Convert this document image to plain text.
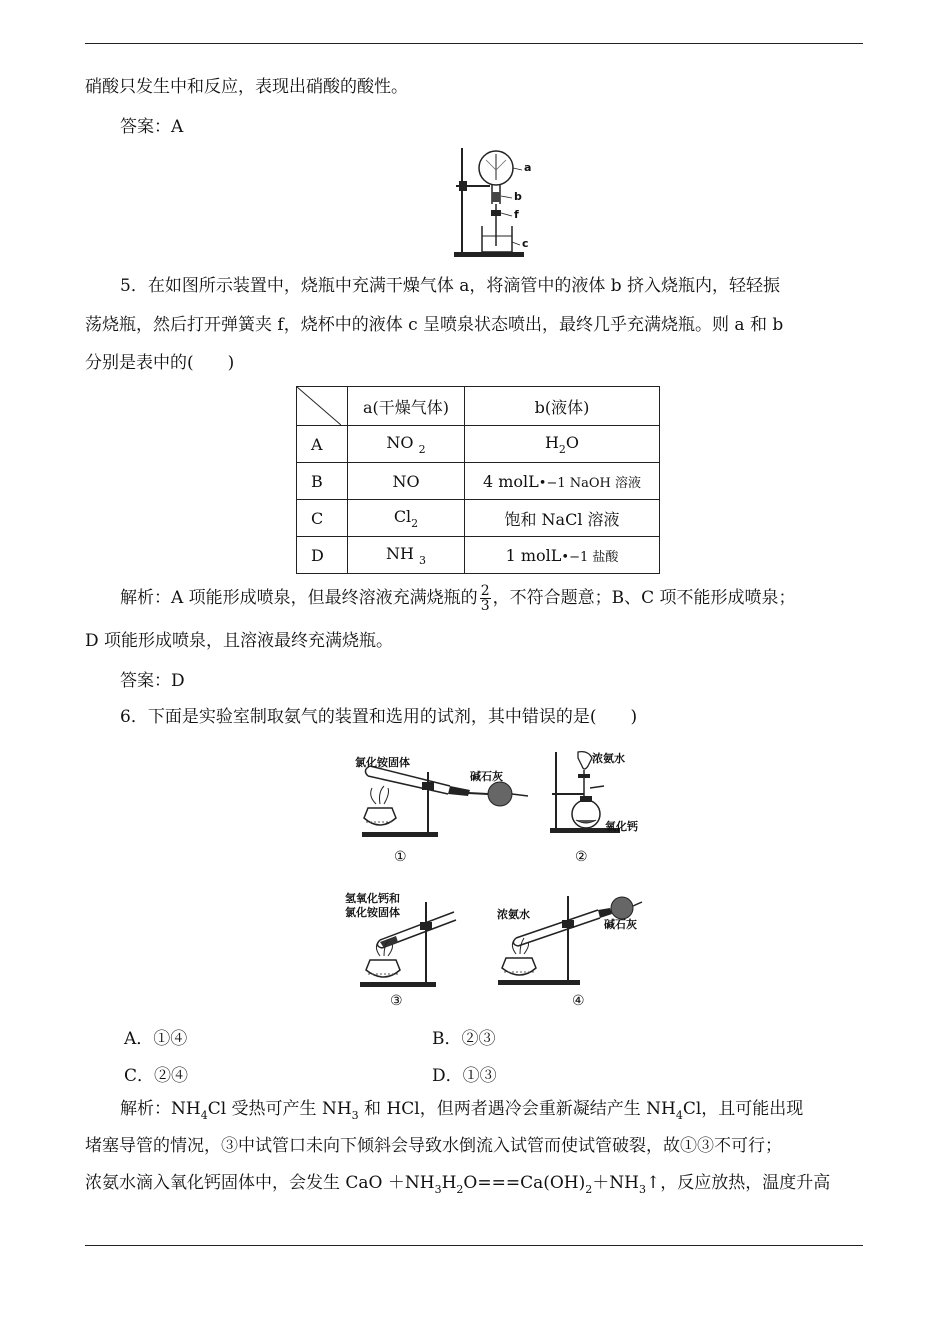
硝酸只发生中和反应，表现出硝酸的酸性。
答案：A
a
b
f
c
5．在如图所示装置中，烧瓶中充满干燥气体 a，将滴管中的液体 b 挤入烧瓶内，轻轻振
荡烧瓶，然后打开弹簧夹 f，烧杯中的液体 c 呈喷泉状态喷出，最终几乎充满烧瓶。则 a 和 b
分别是表中的(　　)
	a(干燥气体)	b(液体)
A	NO $_2$	$H_2O$
B	NO	4 molL•−1 NaOH 溶液
C	$Cl_2$	饱和 NaCl 溶液
D	NH $_3$	1 molL•−1 盐酸
解析：A 项能形成喷泉，但最终溶液充满烧瓶的 $\frac{2}{3}$ ，不符合题意；B、C 项不能形成喷泉；
D 项能形成喷泉，且溶液最终充满烧瓶。
答案：D
6．下面是实验室制取氨气的装置和选用的试剂，其中错误的是(　　)
氯化铵固体
碱石灰
①
浓氨水
氧化钙
②
氢氧化钙和
氯化铵固体
③
浓氨水
碱石灰
④
A．①④	B．②③
C．②④	D．①③
解析：$NH_4Cl$ 受热可产生 $NH_3$ 和 HCl，但两者遇冷会重新凝结产生 $NH_4Cl$，且可能出现
堵塞导管的情况，③中试管口未向下倾斜会导致水倒流入试管而使试管破裂，故①③不可行；
浓氨水滴入氧化钙固体中，会发生 CaO $+NH_3H_2O===Ca(OH)_2+NH_3↑$，反应放热，温度升高
